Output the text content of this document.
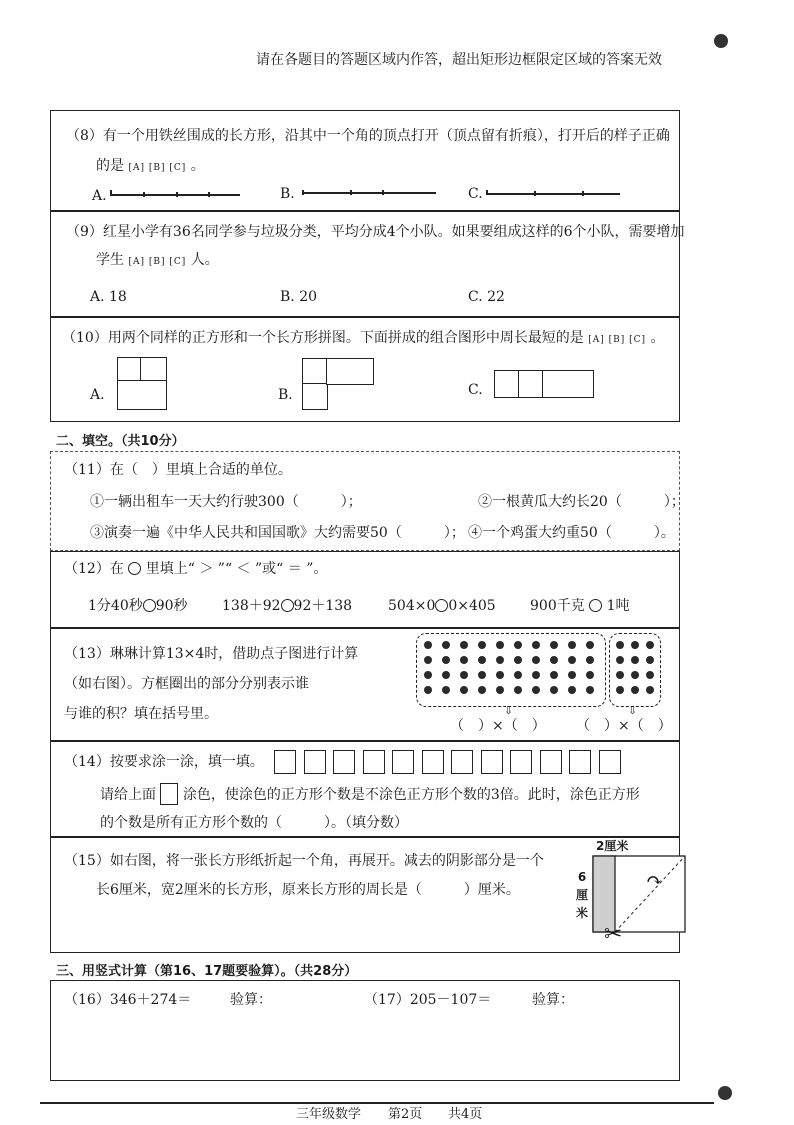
请在各题目的答题区域内作答，超出矩形边框限定区域的答案无效
（8）有一个用铁丝围成的长方形，沿其中一个角的顶点打开（顶点留有折痕），打开后的样子正确
的是 [A] [B] [C] 。
A.	B.	C.
（9）红星小学有36名同学参与垃圾分类，平均分成4个小队。如果要组成这样的6个小队，需要增加
学生 [A] [B] [C] 人。
A. 18	B. 20	C. 22
（10）用两个同样的正方形和一个长方形拼图。下面拼成的组合图形中周长最短的是 [A] [B] [C] 。
A.	B.	C.
二、填空。（共10分）
（11）在（　）里填上合适的单位。
①一辆出租车一天大约行驶300（　　　）；	②一根黄瓜大约长20（　　　）；
③演奏一遍《中华人民共和国国歌》大约需要50（　　　）； ④一个鸡蛋大约重50（　　　）。
（12）在 里填上“ ＞ ”“ ＜ ”或“ ＝ ”。
1分40秒 90秒 138＋92 92＋138	504×0 0×405 900千克 1吨
（13）琳琳计算13×4时，借助点子图进行计算
（如右图）。方框圈出的部分分别表示谁
与谁的积？填在括号里。	⇩	⇩
（　）×（　） （　）×（　）
（14）按要求涂一涂，填一填。
请给上面 涂色，使涂色的正方形个数是不涂色正方形个数的3倍。此时，涂色正方形
的个数是所有正方形个数的（　　　）。（填分数）
（15）如右图，将一张长方形纸折起一个角，再展开。减去的阴影部分是一个
长6厘米，宽2厘米的长方形，原来长方形的周长是（　　　）厘米。
2厘米
6
厘
米
↷
✂
三、用竖式计算（第16、17题要验算）。（共28分）
（16）346＋274＝	验算：	（17）205－107＝	验算：
三年级数学 第2页 共4页
